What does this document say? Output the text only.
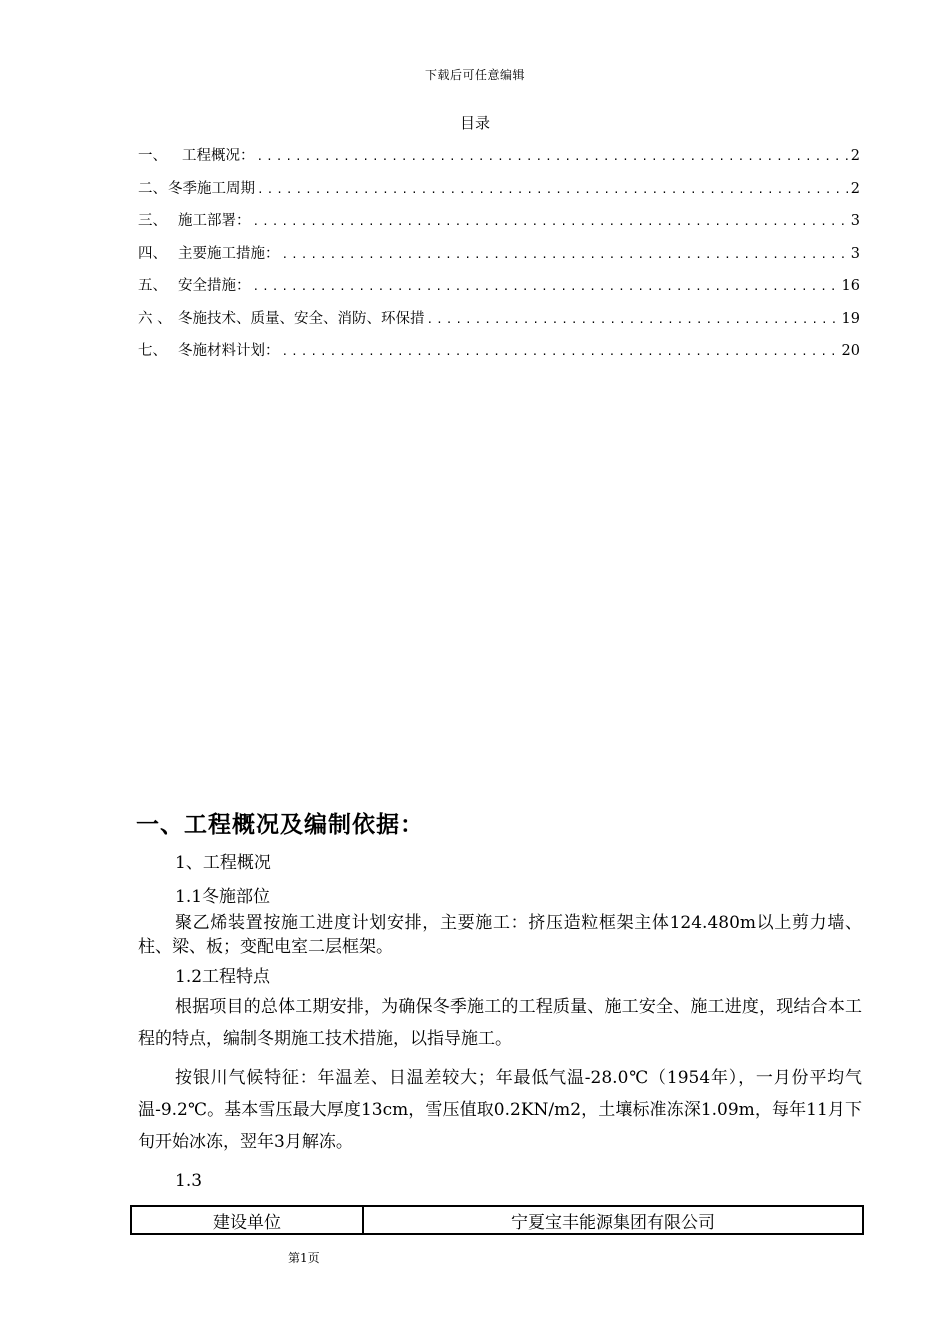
下载后可任意编辑
目录
一、	工程概况： .....	2
二、 冬季施工周期 .....	2
三、 施工部署： .....	3
四、 主要施工措施： .....	3
五、 安全措施： .....	16
六 、 冬施技术、质量、安全、消防、环保措 .....	19
七、 冬施材料计划： .....	20
一、工程概况及编制依据：
1、工程概况
1.1冬施部位

聚乙烯装置按施工进度计划安排，主要施工：挤压造粒框架主体124.480m以上剪力墙、柱、梁、板；变配电室二层框架。

1.2工程特点

根据项目的总体工期安排，为确保冬季施工的工程质量、施工安全、施工进度，现结合本工程的特点，编制冬期施工技术措施，以指导施工。

按银川气候特征：年温差、日温差较大；年最低气温-28.0℃（1954年），一月份平均气温-9.2℃。基本雪压最大厚度13cm，雪压值取0.2KN/m2，土壤标准冻深1.09m，每年11月下旬开始冰冻，翌年3月解冻。

1.3
建设单位	宁夏宝丰能源集团有限公司
第1页
